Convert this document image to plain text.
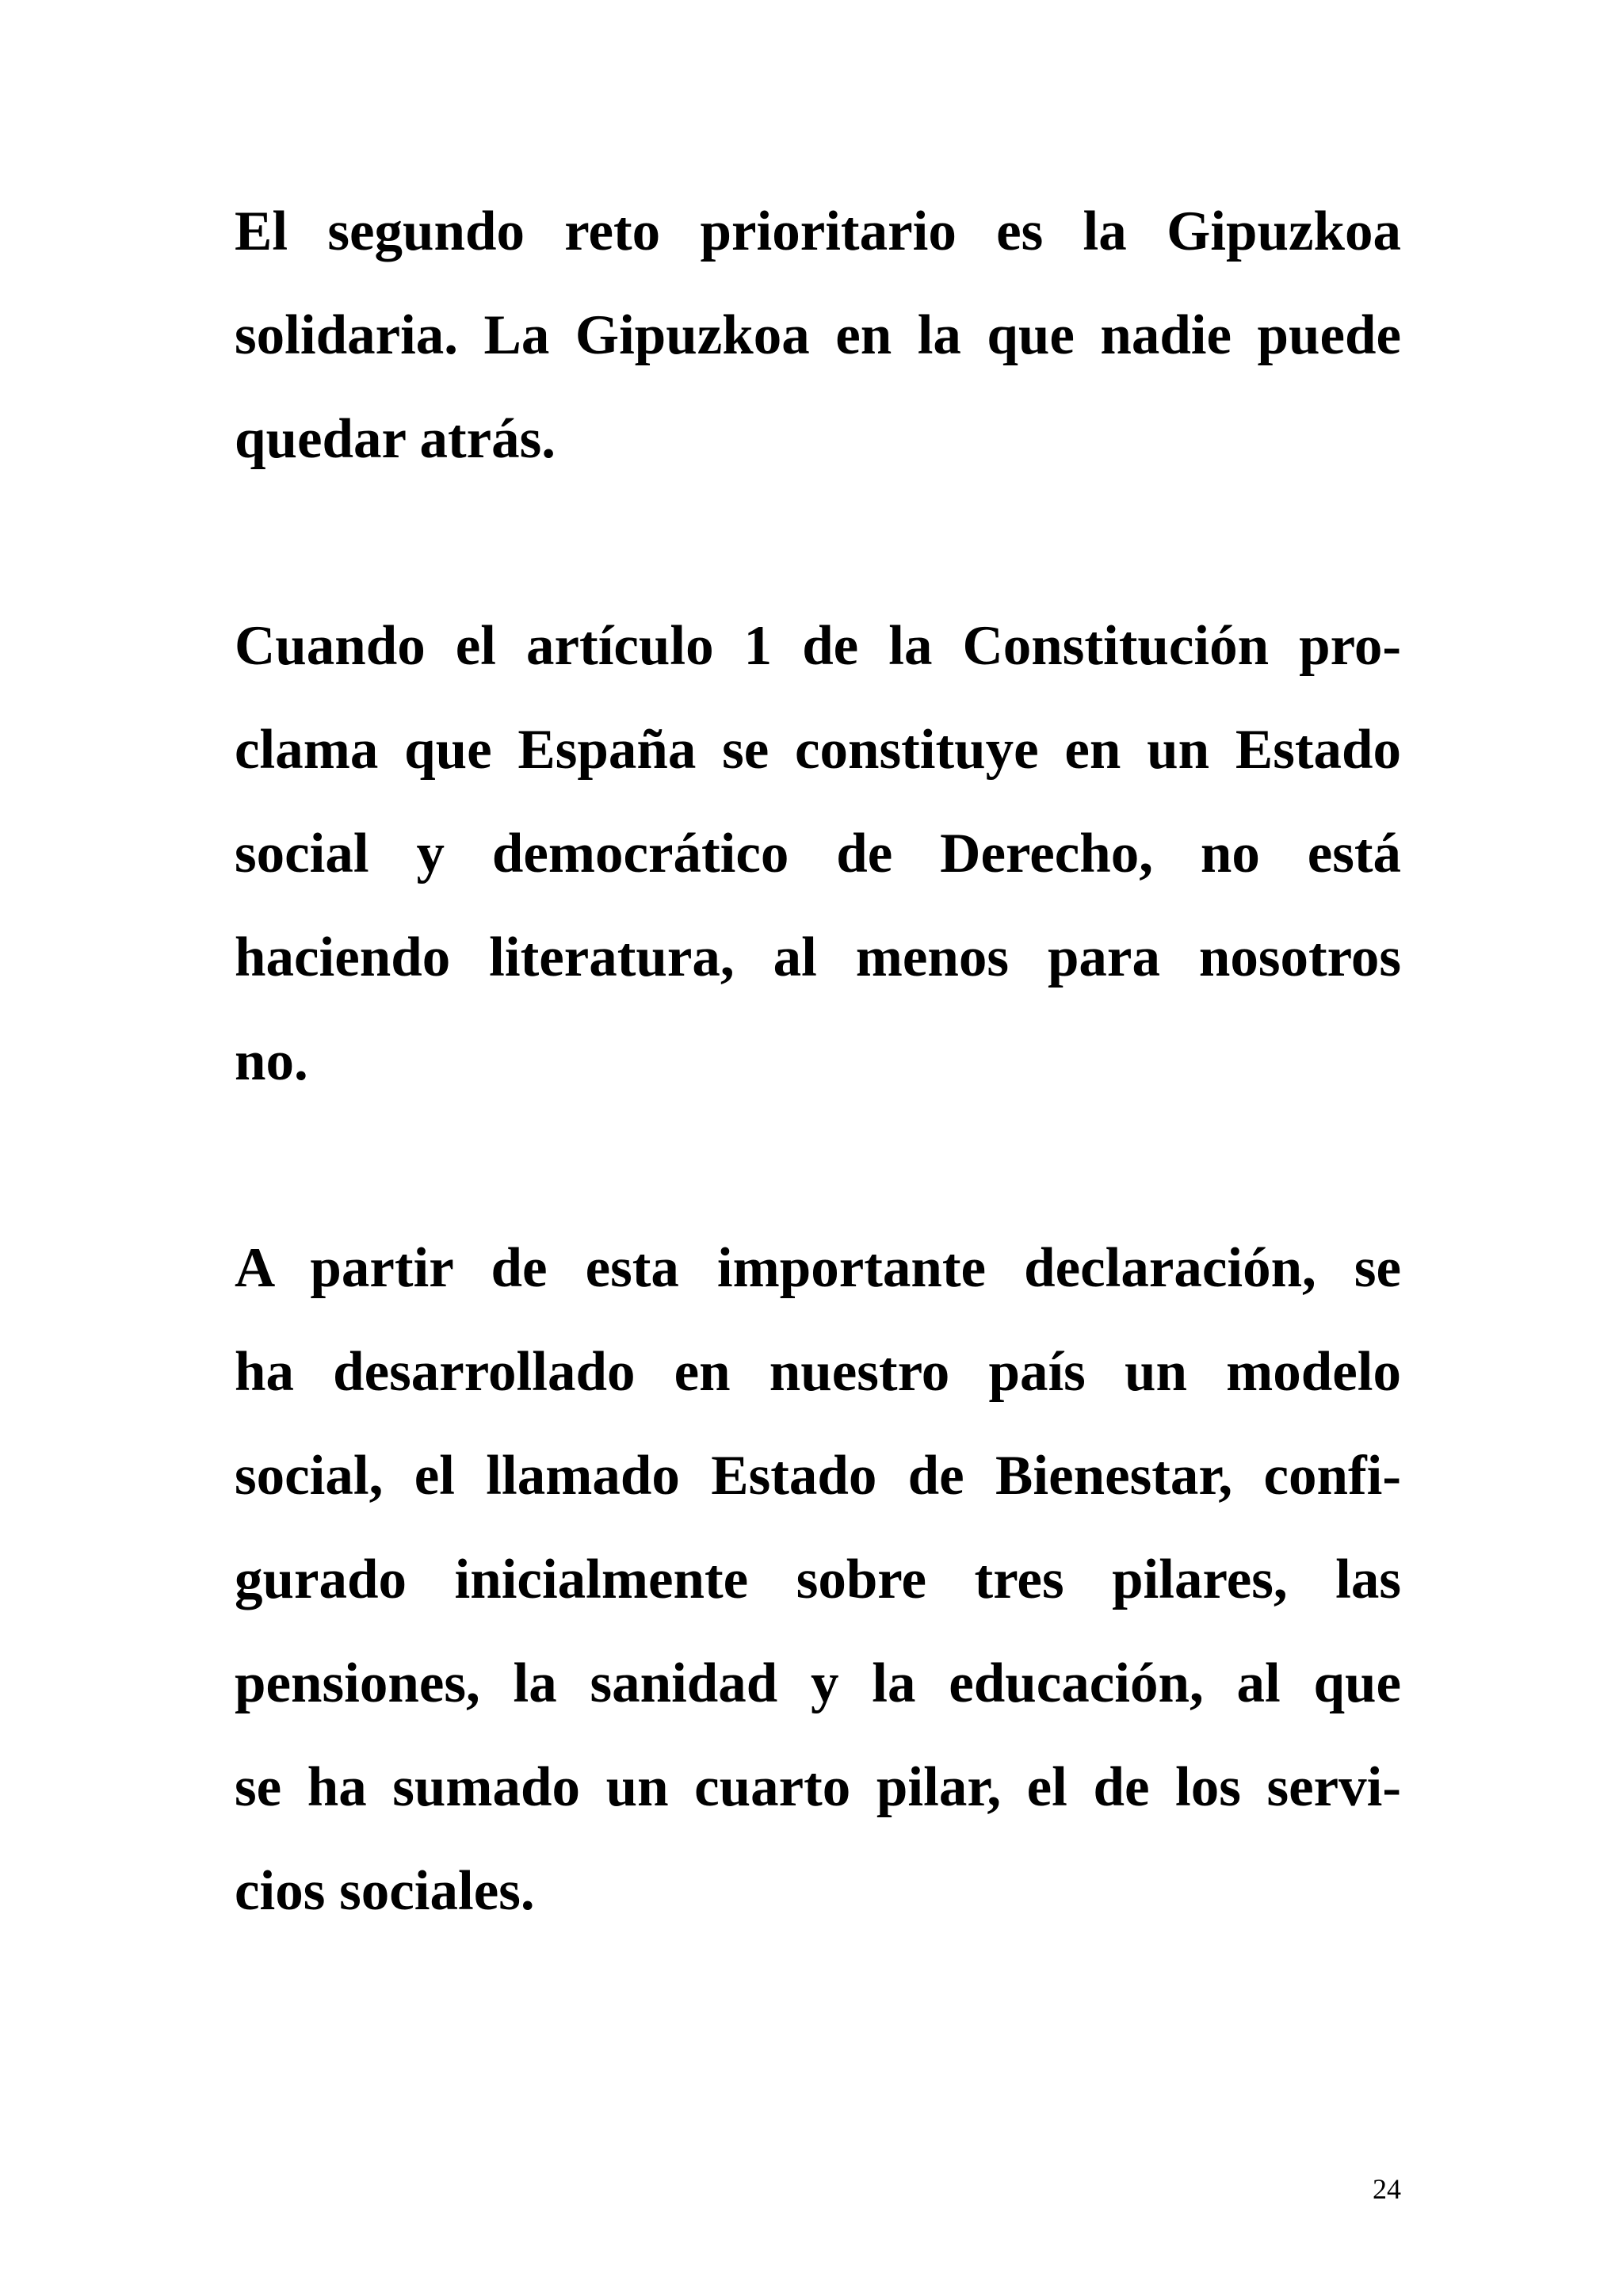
El segundo reto prioritario es la Gipuzkoa
solidaria. La Gipuzkoa en la que nadie puede
quedar atrás.

Cuando el artículo 1 de la Constitución pro-
clama que España se constituye en un Estado
social y democrático de Derecho, no está
haciendo literatura, al menos para nosotros
no.

A partir de esta importante declaración, se
ha desarrollado en nuestro país un modelo
social, el llamado Estado de Bienestar, confi-
gurado inicialmente sobre tres pilares, las
pensiones, la sanidad y la educación, al que
se ha sumado un cuarto pilar, el de los servi-
cios sociales.

24
